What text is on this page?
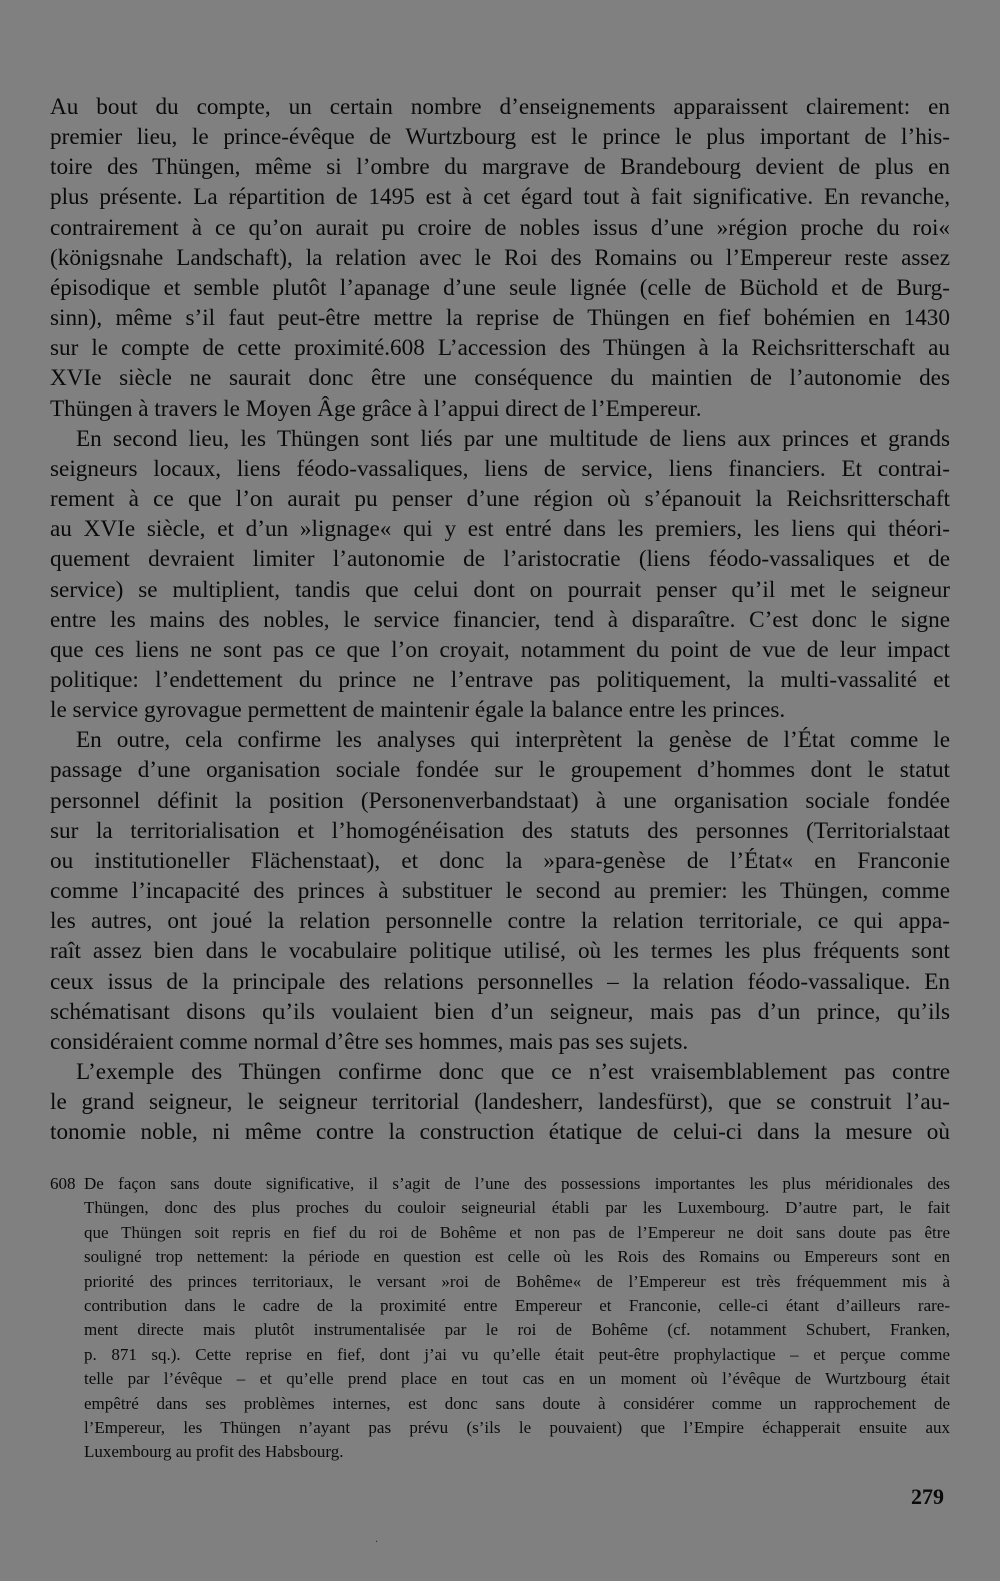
Au bout du compte, un certain nombre d’enseignements apparaissent clairement: en
premier lieu, le prince-évêque de Wurtzbourg est le prince le plus important de l’his-
toire des Thüngen, même si l’ombre du margrave de Brandebourg devient de plus en
plus présente. La répartition de 1495 est à cet égard tout à fait significative. En revanche,
contrairement à ce qu’on aurait pu croire de nobles issus d’une »région proche du roi«
(königsnahe Landschaft), la relation avec le Roi des Romains ou l’Empereur reste assez
épisodique et semble plutôt l’apanage d’une seule lignée (celle de Büchold et de Burg-
sinn), même s’il faut peut-être mettre la reprise de Thüngen en fief bohémien en 1430
sur le compte de cette proximité.608 L’accession des Thüngen à la Reichsritterschaft au
XVIe siècle ne saurait donc être une conséquence du maintien de l’autonomie des
Thüngen à travers le Moyen Âge grâce à l’appui direct de l’Empereur.

En second lieu, les Thüngen sont liés par une multitude de liens aux princes et grands
seigneurs locaux, liens féodo-vassaliques, liens de service, liens financiers. Et contrai-
rement à ce que l’on aurait pu penser d’une région où s’épanouit la Reichsritterschaft
au XVIe siècle, et d’un »lignage« qui y est entré dans les premiers, les liens qui théori-
quement devraient limiter l’autonomie de l’aristocratie (liens féodo-vassaliques et de
service) se multiplient, tandis que celui dont on pourrait penser qu’il met le seigneur
entre les mains des nobles, le service financier, tend à disparaître. C’est donc le signe
que ces liens ne sont pas ce que l’on croyait, notamment du point de vue de leur impact
politique: l’endettement du prince ne l’entrave pas politiquement, la multi-vassalité et
le service gyrovague permettent de maintenir égale la balance entre les princes.

En outre, cela confirme les analyses qui interprètent la genèse de l’État comme le
passage d’une organisation sociale fondée sur le groupement d’hommes dont le statut
personnel définit la position (Personenverbandstaat) à une organisation sociale fondée
sur la territorialisation et l’homogénéisation des statuts des personnes (Territorialstaat
ou institutioneller Flächenstaat), et donc la »para-genèse de l’État« en Franconie
comme l’incapacité des princes à substituer le second au premier: les Thüngen, comme
les autres, ont joué la relation personnelle contre la relation territoriale, ce qui appa-
raît assez bien dans le vocabulaire politique utilisé, où les termes les plus fréquents sont
ceux issus de la principale des relations personnelles – la relation féodo-vassalique. En
schématisant disons qu’ils voulaient bien d’un seigneur, mais pas d’un prince, qu’ils
considéraient comme normal d’être ses hommes, mais pas ses sujets.

L’exemple des Thüngen confirme donc que ce n’est vraisemblablement pas contre
le grand seigneur, le seigneur territorial (landesherr, landesfürst), que se construit l’au-
tonomie noble, ni même contre la construction étatique de celui-ci dans la mesure où

608 De façon sans doute significative, il s’agit de l’une des possessions importantes les plus méridionales des
Thüngen, donc des plus proches du couloir seigneurial établi par les Luxembourg. D’autre part, le fait
que Thüngen soit repris en fief du roi de Bohême et non pas de l’Empereur ne doit sans doute pas être
souligné trop nettement: la période en question est celle où les Rois des Romains ou Empereurs sont en
priorité des princes territoriaux, le versant »roi de Bohême« de l’Empereur est très fréquemment mis à
contribution dans le cadre de la proximité entre Empereur et Franconie, celle-ci étant d’ailleurs rare-
ment directe mais plutôt instrumentalisée par le roi de Bohême (cf. notamment Schubert, Franken,
p. 871 sq.). Cette reprise en fief, dont j’ai vu qu’elle était peut-être prophylactique – et perçue comme
telle par l’évêque – et qu’elle prend place en tout cas en un moment où l’évêque de Wurtzbourg était
empêtré dans ses problèmes internes, est donc sans doute à considérer comme un rapprochement de
l’Empereur, les Thüngen n’ayant pas prévu (s’ils le pouvaient) que l’Empire échapperait ensuite aux
Luxembourg au profit des Habsbourg.
279
·
